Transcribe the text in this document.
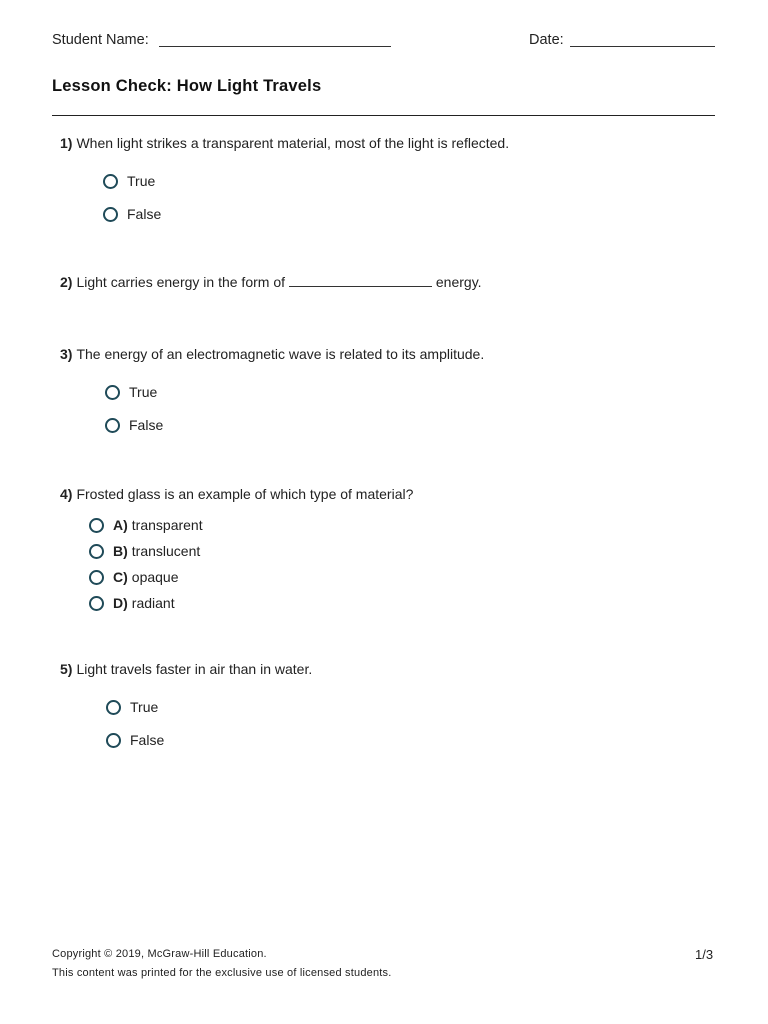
Student Name:	Date:
Lesson Check: How Light Travels
1) When light strikes a transparent material, most of the light is reflected.
True
False
2) Light carries energy in the form of	energy.
3) The energy of an electromagnetic wave is related to its amplitude.
True
False
4) Frosted glass is an example of which type of material?
A) transparent
B) translucent
C) opaque
D) radiant
5) Light travels faster in air than in water.
True
False
Copyright © 2019, McGraw-Hill Education.
This content was printed for the exclusive use of licensed students.
1/3
